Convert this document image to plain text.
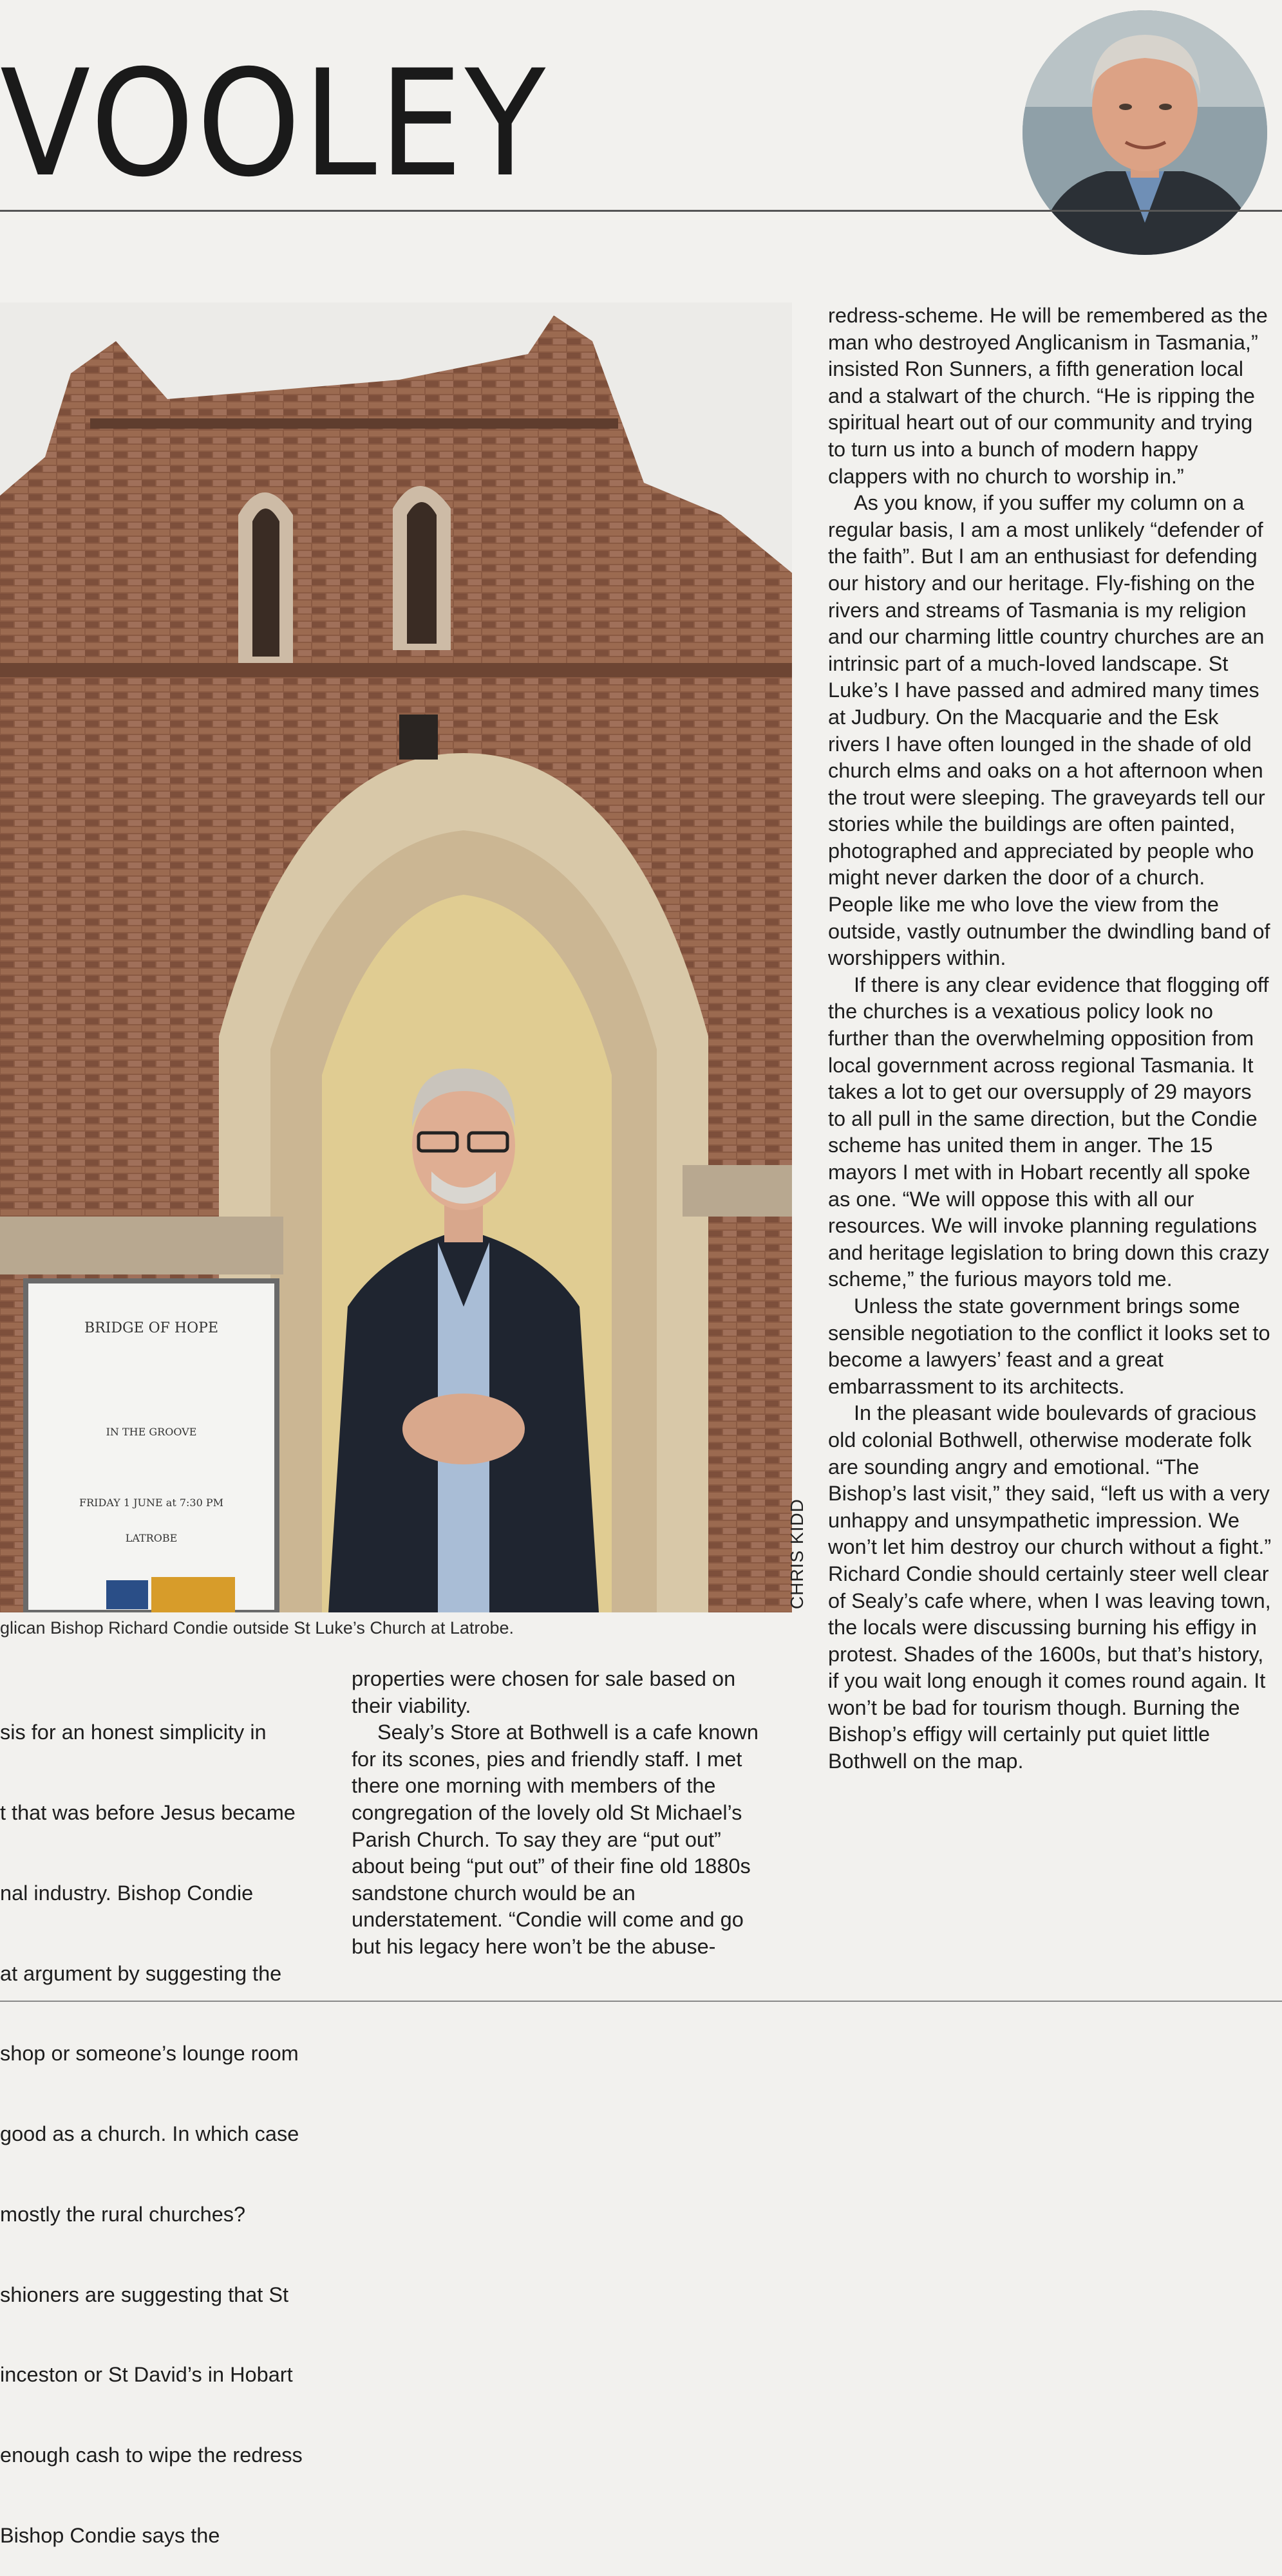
VOOLEY
BRIDGE OF HOPE
IN THE GROOVE
FRIDAY 1 JUNE at 7:30 PM
LATROBE	CHRIS KIDD
glican Bishop Richard Condie outside St Luke’s Church at Latrobe.

sis for an honest simplicity in

t that was before Jesus became

nal industry. Bishop Condie

at argument by suggesting the

shop or someone’s lounge room

good as a church. In which case

mostly the rural churches?

shioners are suggesting that St

inceston or St David’s in Hobart

enough cash to wipe the redress

Bishop Condie says the

properties were chosen for sale based on their viability.

Sealy’s Store at Bothwell is a cafe known for its scones, pies and friendly staff. I met there one morning with members of the congregation of the lovely old St Michael’s Parish Church. To say they are “put out” about being “put out” of their fine old 1880s sandstone church would be an understatement. “Condie will come and go but his legacy here won’t be the abuse-

redress-scheme. He will be remembered as the man who destroyed Anglicanism in Tasmania,” insisted Ron Sunners, a fifth generation local and a stalwart of the church. “He is ripping the spiritual heart out of our community and trying to turn us into a bunch of modern happy clappers with no church to worship in.”

As you know, if you suffer my column on a regular basis, I am a most unlikely “defender of the faith”. But I am an enthusiast for defending our history and our heritage. Fly-fishing on the rivers and streams of Tasmania is my religion and our charming little country churches are an intrinsic part of a much-loved landscape. St Luke’s I have passed and admired many times at Judbury. On the Macquarie and the Esk rivers I have often lounged in the shade of old church elms and oaks on a hot afternoon when the trout were sleeping. The graveyards tell our stories while the buildings are often painted, photographed and appreciated by people who might never darken the door of a church. People like me who love the view from the outside, vastly outnumber the dwindling band of worshippers within.

If there is any clear evidence that flogging off the churches is a vexatious policy look no further than the overwhelming opposition from local government across regional Tasmania. It takes a lot to get our oversupply of 29 mayors to all pull in the same direction, but the Condie scheme has united them in anger. The 15 mayors I met with in Hobart recently all spoke as one. “We will oppose this with all our resources. We will invoke planning regulations and heritage legislation to bring down this crazy scheme,” the furious mayors told me.

Unless the state government brings some sensible negotiation to the conflict it looks set to become a lawyers’ feast and a great embarrassment to its architects.

In the pleasant wide boulevards of gracious old colonial Bothwell, otherwise moderate folk are sounding angry and emotional. “The Bishop’s last visit,” they said, “left us with a very unhappy and unsympathetic impression. We won’t let him destroy our church without a fight.” Richard Condie should certainly steer well clear of Sealy’s cafe where, when I was leaving town, the locals were discussing burning his effigy in protest. Shades of the 1600s, but that’s history, if you wait long enough it comes round again. It won’t be bad for tourism though. Burning the Bishop’s effigy will certainly put quiet little Bothwell on the map.
